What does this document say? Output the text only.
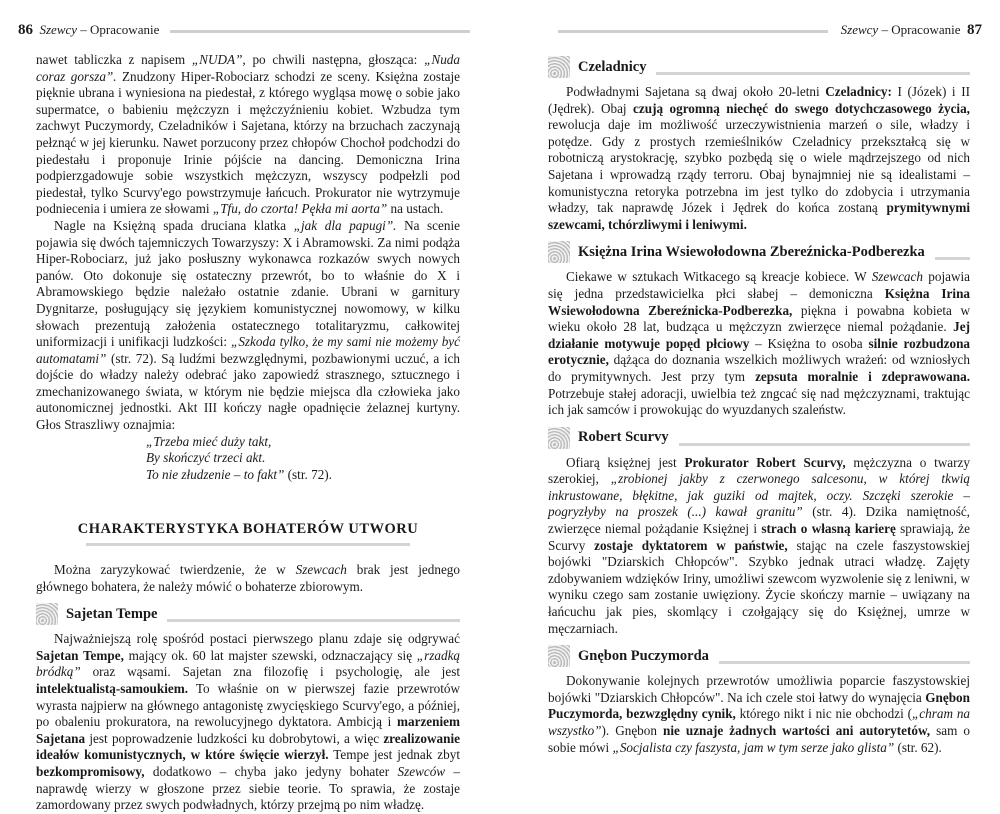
86 Szewcy – Opracowanie

nawet tabliczka z napisem „NUDA”, po chwili następna, głosząca: „Nuda coraz gorsza”. Znudzony Hiper-Robociarz schodzi ze sceny. Księżna zostaje pięknie ubrana i wyniesiona na piedestał, z którego wygląsa mowę o sobie jako supermatce, o babieniu mężczyzn i mężczyźnieniu kobiet. Wzbudza tym zachwyt Puczymordy, Czeladników i Sajetana, którzy na brzuchach zaczynają pełznąć w jej kierunku. Nawet porzucony przez chłopów Chochoł podchodzi do piedestału i proponuje Irinie pójście na dancing. Demoniczna Irina podpierzgadowuje sobie wszystkich mężczyzn, wszyscy podpełzli pod piedestał, tylko Scurvy'ego powstrzymuje łańcuch. Prokurator nie wytrzymuje podniecenia i umiera ze słowami „Tfu, do czorta! Pękła mi aorta” na ustach.

Nagle na Księżną spada druciana klatka „jak dla papugi”. Na scenie pojawia się dwóch tajemniczych Towarzyszy: X i Abramowski. Za nimi podąża Hiper-Robociarz, już jako posłuszny wykonawca rozkazów swych nowych panów. Oto dokonuje się ostateczny przewrót, bo to właśnie do X i Abramowskiego będzie należało ostatnie zdanie. Ubrani w garnitury Dygnitarze, posługujący się językiem komunistycznej nowomowy, w kilku słowach prezentują założenia ostatecznego totalitaryzmu, całkowitej uniformizacji i unifikacji ludzkości: „Szkoda tylko, że my sami nie możemy być automatami” (str. 72). Są ludźmi bezwzględnymi, pozbawionymi uczuć, a ich dojście do władzy należy odebrać jako zapowiedź strasznego, sztucznego i zmechanizowanego świata, w którym nie będzie miejsca dla człowieka jako autonomicznej jednostki. Akt III kończy nagłe opadnięcie żelaznej kurtyny. Głos Straszliwy oznajmia:

„Trzeba mieć duży takt,

By skończyć trzeci akt.

To nie złudzenie – to fakt” (str. 72).

CHARAKTERYSTYKA BOHATERÓW UTWORU

Można zaryzykować twierdzenie, że w Szewcach brak jest jednego głównego bohatera, że należy mówić o bohaterze zbiorowym.

Sajetan Tempe

Najważniejszą rolę spośród postaci pierwszego planu zdaje się odgrywać Sajetan Tempe, mający ok. 60 lat majster szewski, odznaczający się „rzadką bródką” oraz wąsami. Sajetan zna filozofię i psychologię, ale jest intelektualistą-samoukiem. To właśnie on w pierwszej fazie przewrotów wyrasta najpierw na głównego antagonistę zwycięskiego Scurvy'ego, a później, po obaleniu prokuratora, na rewolucyjnego dyktatora. Ambicją i marzeniem Sajetana jest poprowadzenie ludzkości ku dobrobytowi, a więc zrealizowanie ideałów komunistycznych, w które święcie wierzył. Tempe jest jednak zbyt bezkompromisowy, dodatkowo – chyba jako jedyny bohater Szewców – naprawdę wierzy w głoszone przez siebie teorie. To sprawia, że zostaje zamordowany przez swych podwładnych, którzy przejmą po nim władzę.

Szewcy – Opracowanie 87
Czeladnicy

Podwładnymi Sajetana są dwaj około 20-letni Czeladnicy: I (Józek) i II (Jędrek). Obaj czują ogromną niechęć do swego dotychczasowego życia, rewolucja daje im możliwość urzeczywistnienia marzeń o sile, władzy i potędze. Gdy z prostych rzemieślników Czeladnicy przekształcą się w robotniczą arystokrację, szybko pozbędą się o wiele mądrzejszego od nich Sajetana i wprowadzą rządy terroru. Obaj bynajmniej nie są idealistami – komunistyczna retoryka potrzebna im jest tylko do zdobycia i utrzymania władzy, tak naprawdę Józek i Jędrek do końca zostaną prymitywnymi szewcami, tchórzliwymi i leniwymi.

Księżna Irina Wsiewołodowna Zbereźnicka-Podberezka

Ciekawe w sztukach Witkacego są kreacje kobiece. W Szewcach pojawia się jedna przedstawicielka płci słabej – demoniczna Księżna Irina Wsiewołodowna Zbereźnicka-Podberezka, piękna i powabna kobieta w wieku około 28 lat, budząca u mężczyzn zwierzęce niemal pożądanie. Jej działanie motywuje popęd płciowy – Księżna to osoba silnie rozbudzona erotycznie, dążąca do doznania wszelkich możliwych wrażeń: od wzniosłych do prymitywnych. Jest przy tym zepsuta moralnie i zdeprawowana. Potrzebuje stałej adoracji, uwielbia też zngcać się nad mężczyznami, traktując ich jak samców i prowokując do wyuzdanych szaleństw.

Robert Scurvy

Ofiarą księżnej jest Prokurator Robert Scurvy, mężczyzna o twarzy szerokiej, „zrobionej jakby z czerwonego salcesonu, w której tkwią inkrustowane, błękitne, jak guziki od majtek, oczy. Szczęki szerokie – pogryzłyby na proszek (...) kawał granitu” (str. 4). Dzika namiętność, zwierzęce niemal pożądanie Księżnej i strach o własną karierę sprawiają, że Scurvy zostaje dyktatorem w państwie, stając na czele faszystowskiej bojówki "Dziarskich Chłopców". Szybko jednak utraci władzę. Zajęty zdobywaniem wdzięków Iriny, umożliwi szewcom wyzwolenie się z leniwni, w wyniku czego sam zostanie uwięziony. Życie skończy marnie – uwiązany na łańcuchu jak pies, skomlący i czołgający się do Księżnej, umrze w męczarniach.

Gnębon Puczymorda

Dokonywanie kolejnych przewrotów umożliwia poparcie faszystowskiej bojówki "Dziarskich Chłopców". Na ich czele stoi łatwy do wynajęcia Gnębon Puczymorda, bezwzględny cynik, którego nikt i nic nie obchodzi („chram na wszystko”). Gnębon nie uznaje żadnych wartości ani autorytetów, sam o sobie mówi „Socjalista czy faszysta, jam w tym serze jako glista” (str. 62).
